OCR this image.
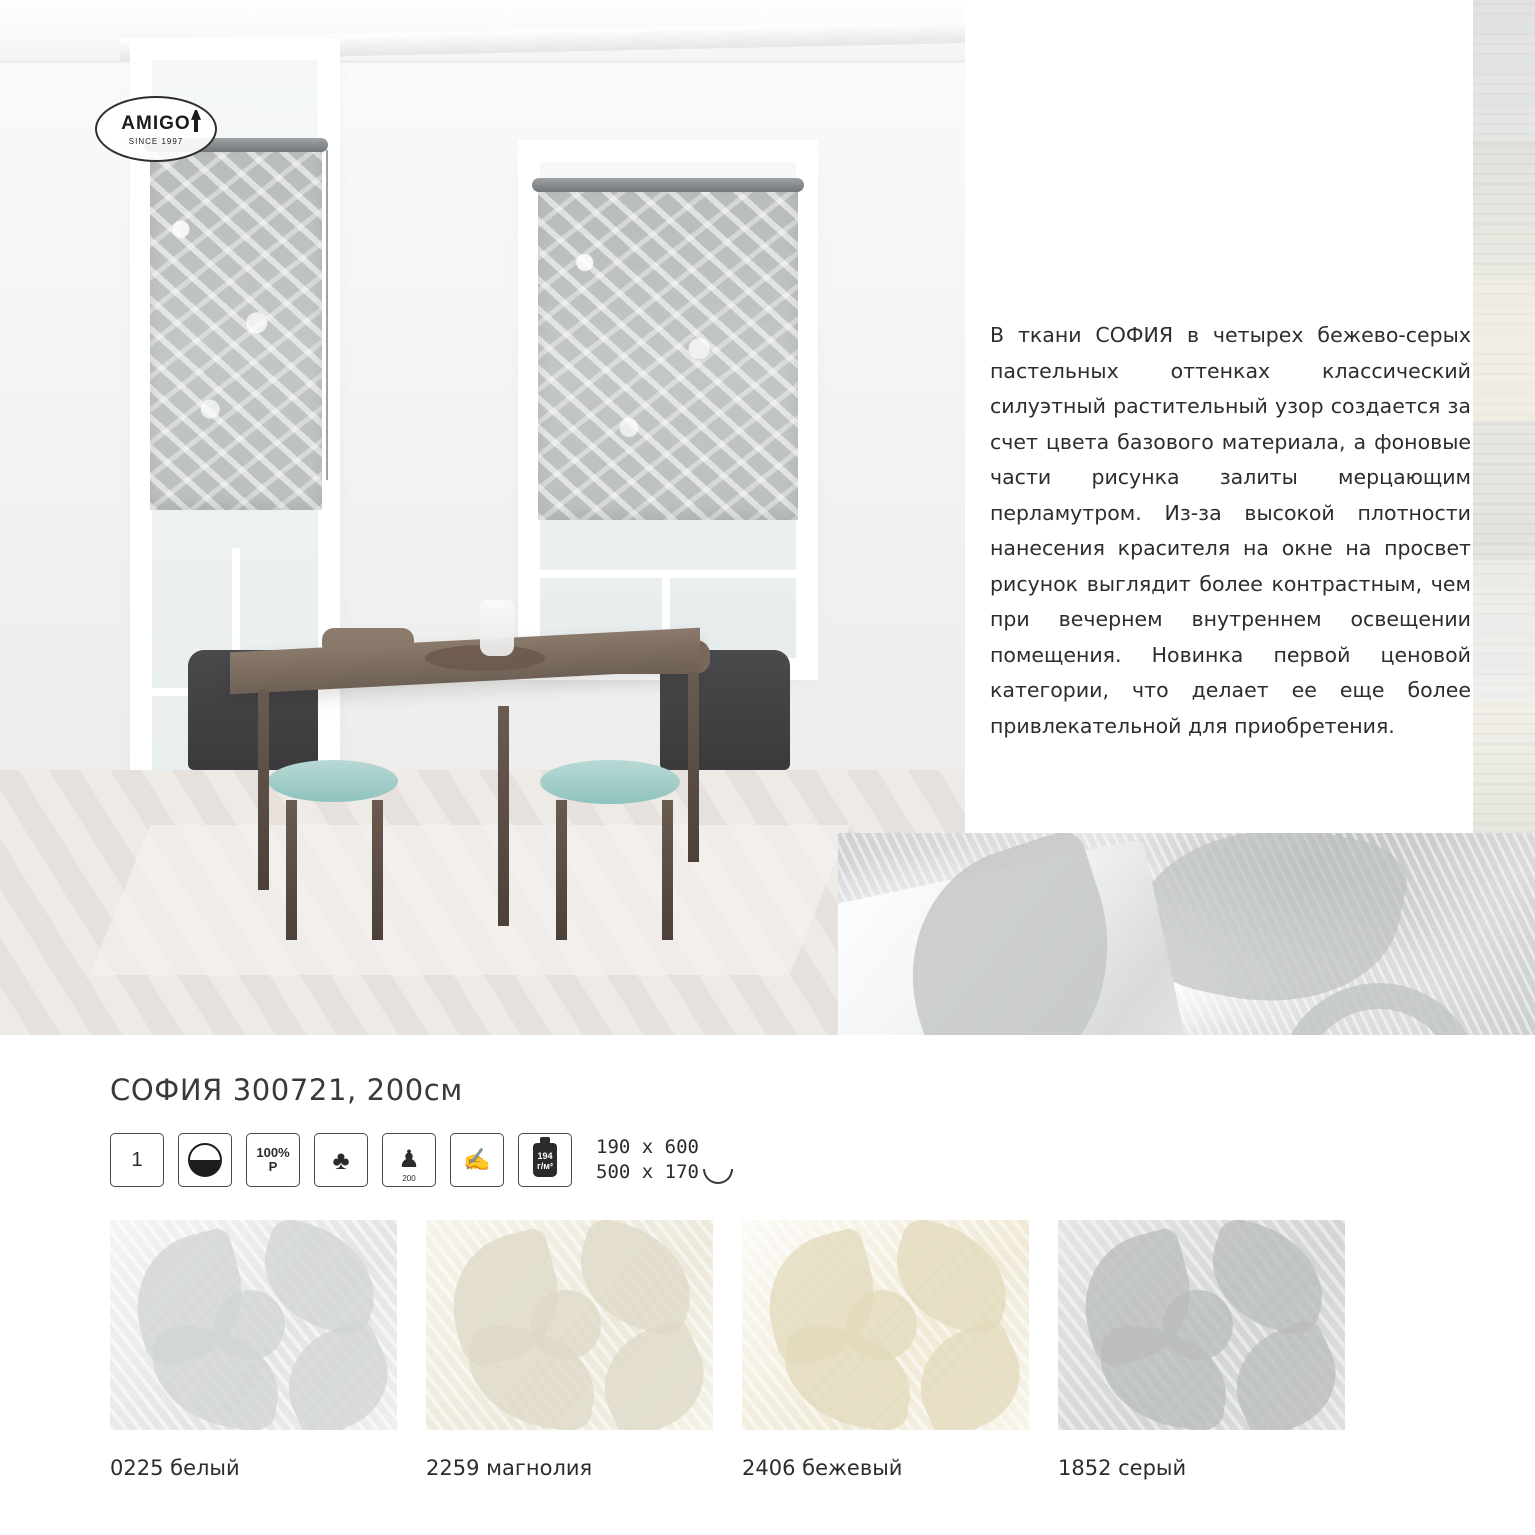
AMIGO
SINCE 1997

В ткани СОФИЯ в четырех бежево-серых пастельных оттенках классический силуэтный растительный узор создается за счет цвета базового материала, а фоновые части рисунка залиты мерцающим перламутром. Из-за высокой плотности нанесения красителя на окне на просвет рисунок выглядит более контрастным, чем при вечернем внутреннем освещении помещения. Новинка первой ценовой категории, что делает ее еще более привлекательной для приобретения.

СОФИЯ 300721, 200см
1	100%
Р	♣ ♟
200
✍	194
г/м²
190 x 600
500 x 170
0225 белый	2259 магнолия	2406 бежевый	1852 серый
